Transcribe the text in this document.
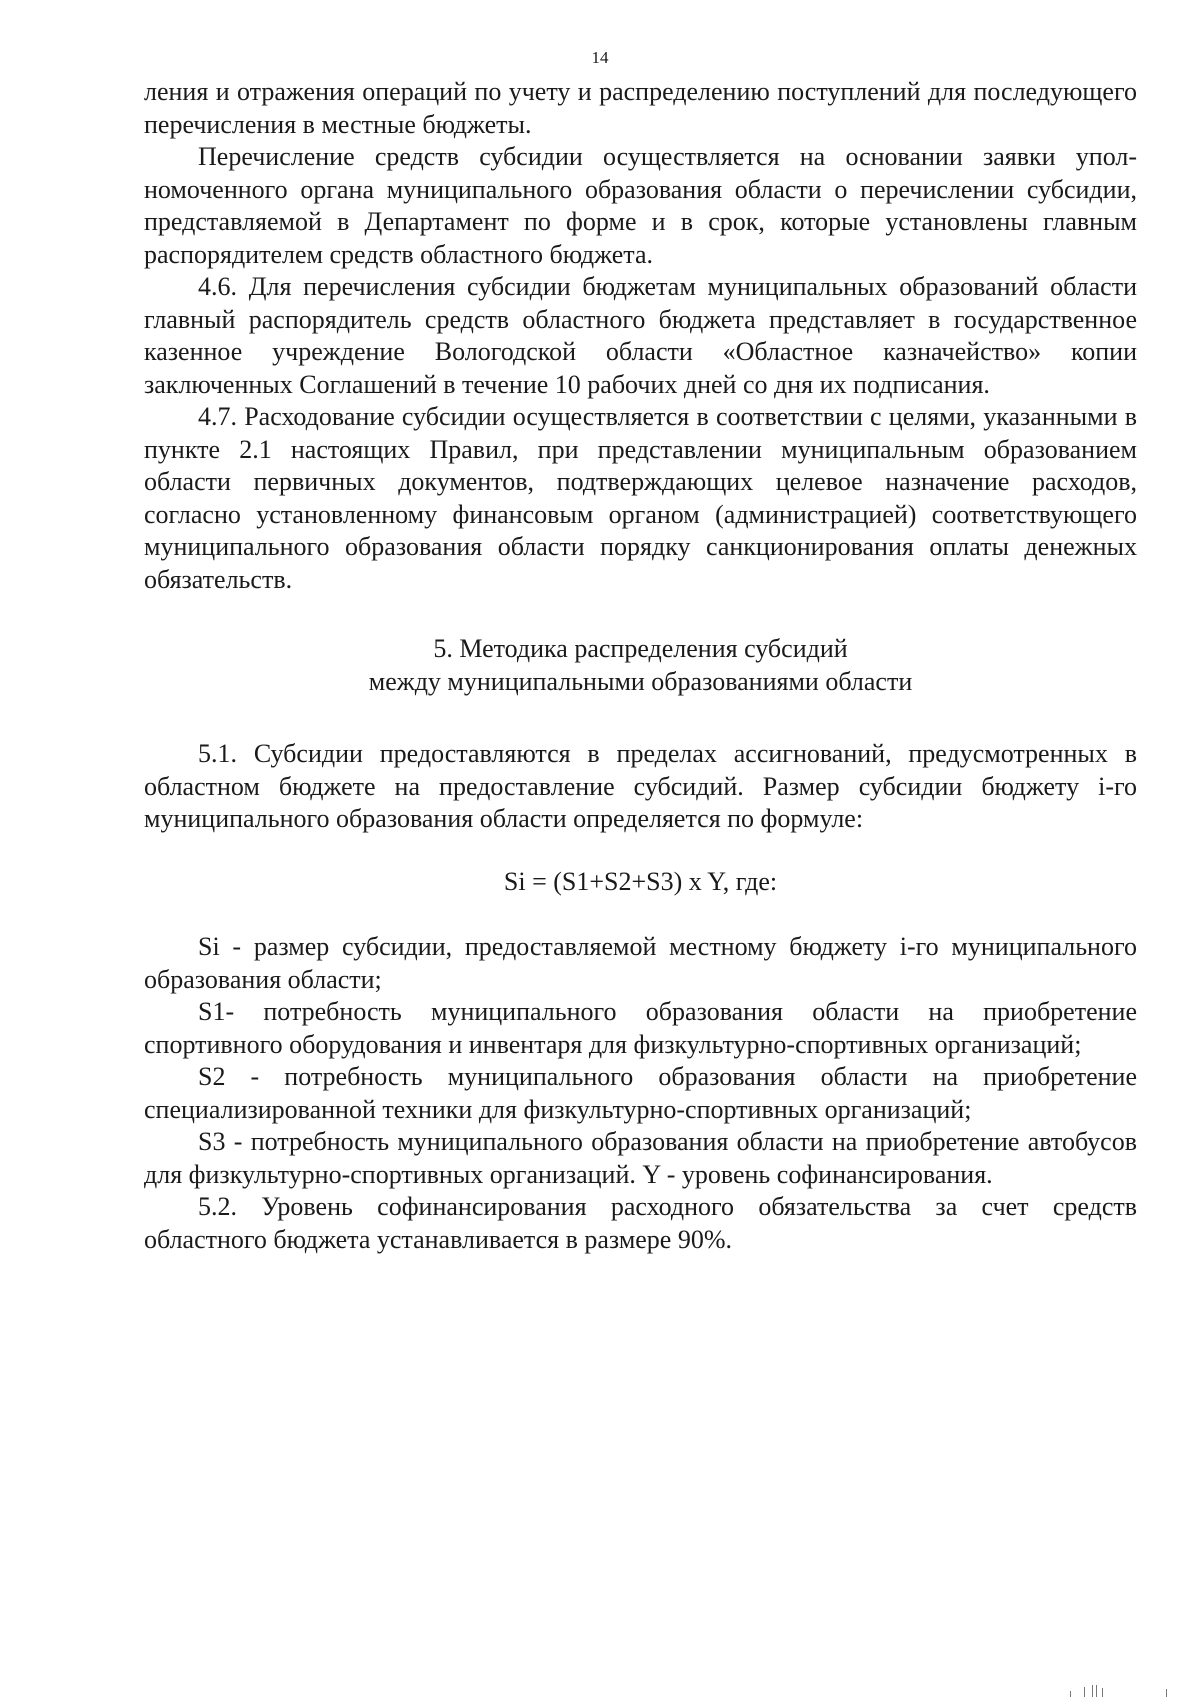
14

ления и отражения операций по учету и распределению поступлений для последующего перечисления в местные бюджеты.

Перечисление средств субсидии осуществляется на основании заявки уполномоченного органа муниципального образования области о перечислении субсидии, представляемой в Департамент по форме и в срок, которые установлены главным распорядителем средств областного бюджета.

4.6. Для перечисления субсидии бюджетам муниципальных образований области главный распорядитель средств областного бюджета представляет в государственное казенное учреждение Вологодской области «Областное казначейство» копии заключенных Соглашений в течение 10 рабочих дней со дня их подписания.

4.7. Расходование субсидии осуществляется в соответствии с целями, указанными в пункте 2.1 настоящих Правил, при представлении муниципальным образованием области первичных документов, подтверждающих целевое назначение расходов, согласно установленному финансовым органом (администрацией) соответствующего муниципального образования области порядку санкционирования оплаты денежных обязательств.

5. Методика распределения субсидий
между муниципальными образованиями области

5.1. Субсидии предоставляются в пределах ассигнований, предусмотренных в областном бюджете на предоставление субсидий. Размер субсидии бюджету i-го муниципального образования области определяется по формуле:

Si = (S1+S2+S3) x Y, где:

Si - размер субсидии, предоставляемой местному бюджету i-го муниципального образования области;

S1- потребность муниципального образования области на приобретение спортивного оборудования и инвентаря для физкультурно-спортивных организаций;

S2 - потребность муниципального образования области на приобретение специализированной техники для физкультурно-спортивных организаций;

S3 - потребность муниципального образования области на приобретение автобусов для физкультурно-спортивных организаций. Y - уровень софинансирования.

5.2. Уровень софинансирования расходного обязательства за счет средств областного бюджета устанавливается в размере 90%.
